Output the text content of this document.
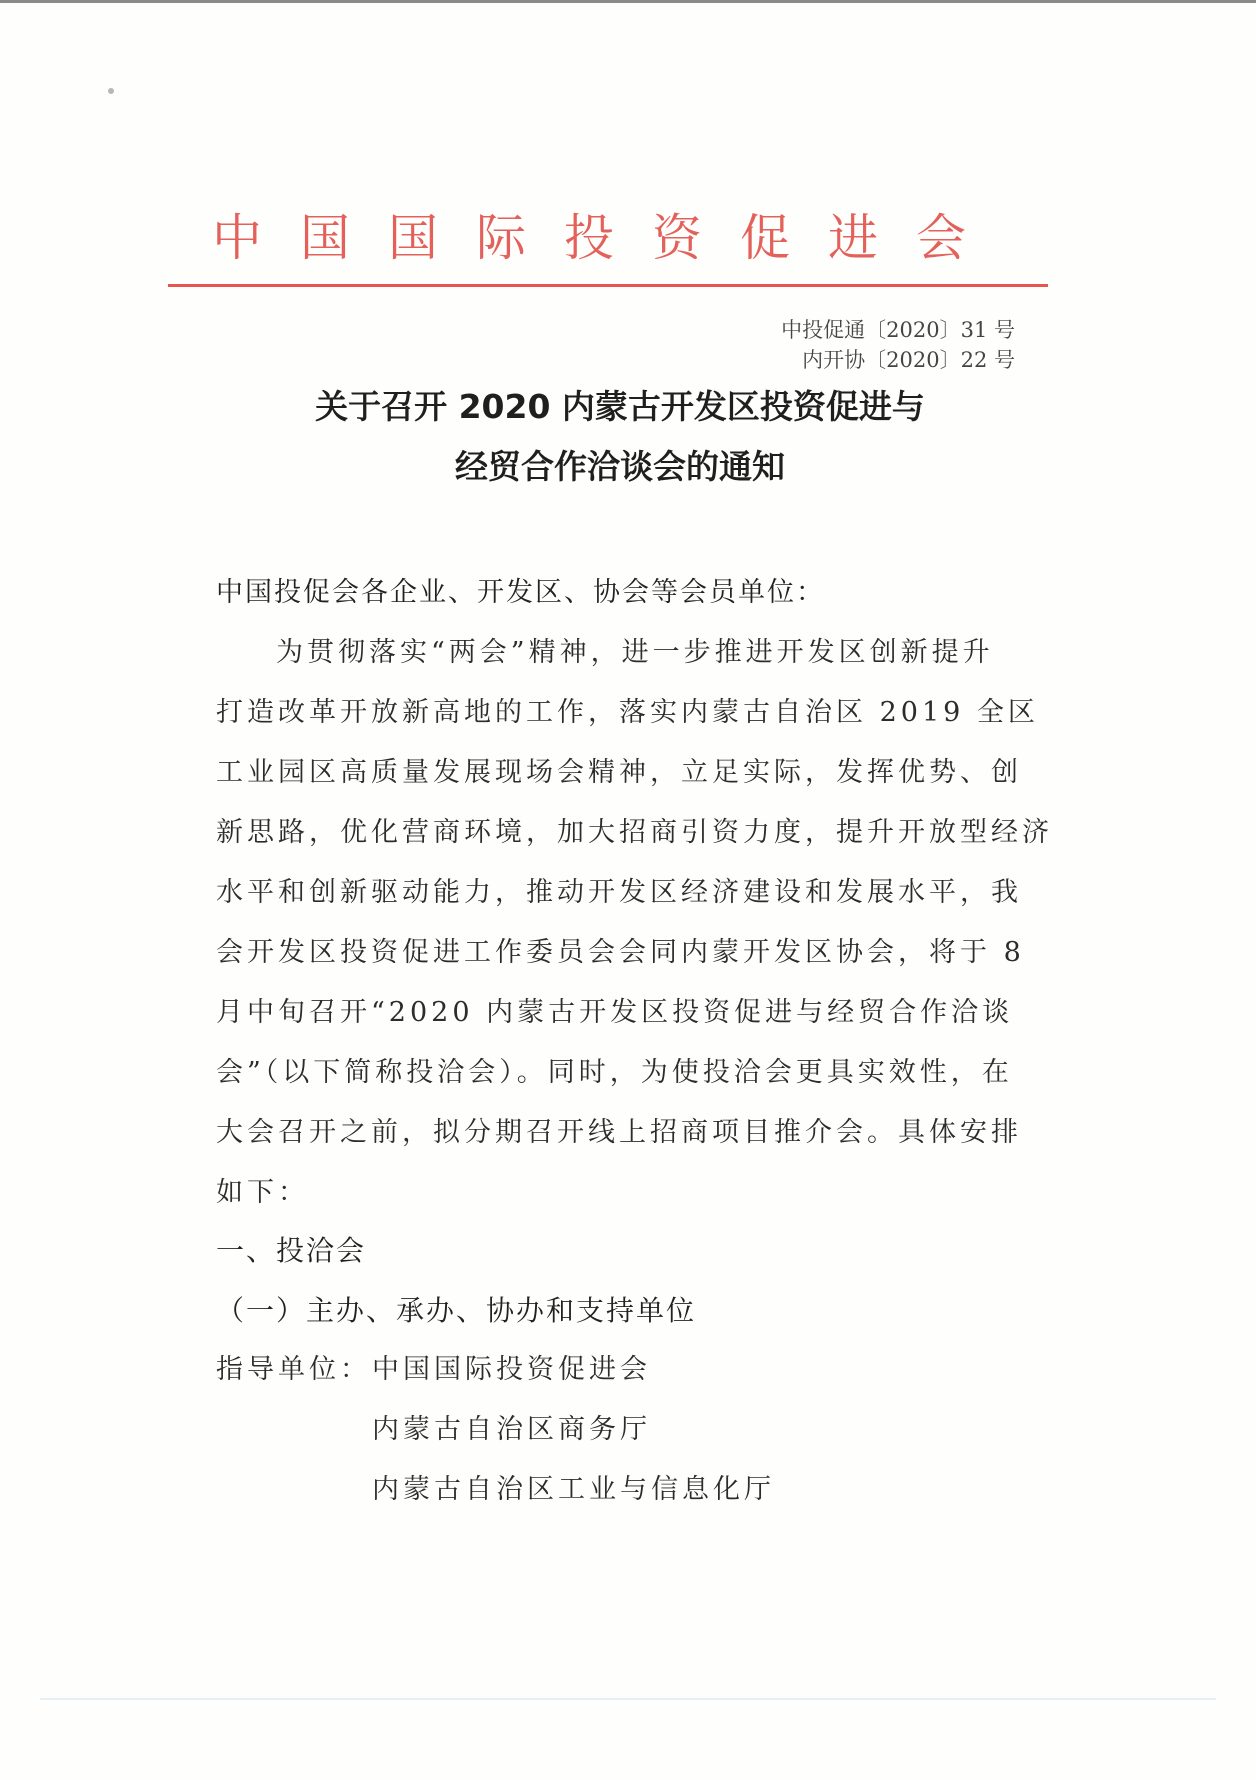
中国国际投资促进会
中投促通〔2020〕31 号
内开协〔2020〕22 号
关于召开 2020 内蒙古开发区投资促进与
经贸合作洽谈会的通知
中国投促会各企业、开发区、协会等会员单位：
为贯彻落实“两会”精神，进一步推进开发区创新提升
打造改革开放新高地的工作，落实内蒙古自治区 2019 全区
工业园区高质量发展现场会精神，立足实际，发挥优势、创
新思路，优化营商环境，加大招商引资力度，提升开放型经济
水平和创新驱动能力，推动开发区经济建设和发展水平，我
会开发区投资促进工作委员会会同内蒙开发区协会，将于 8
月中旬召开“2020 内蒙古开发区投资促进与经贸合作洽谈
会”（以下简称投洽会）。同时，为使投洽会更具实效性，在
大会召开之前，拟分期召开线上招商项目推介会。具体安排
如下：
一、投洽会
（一）主办、承办、协办和支持单位
指导单位： 中国国际投资促进会
内蒙古自治区商务厅
内蒙古自治区工业与信息化厅
